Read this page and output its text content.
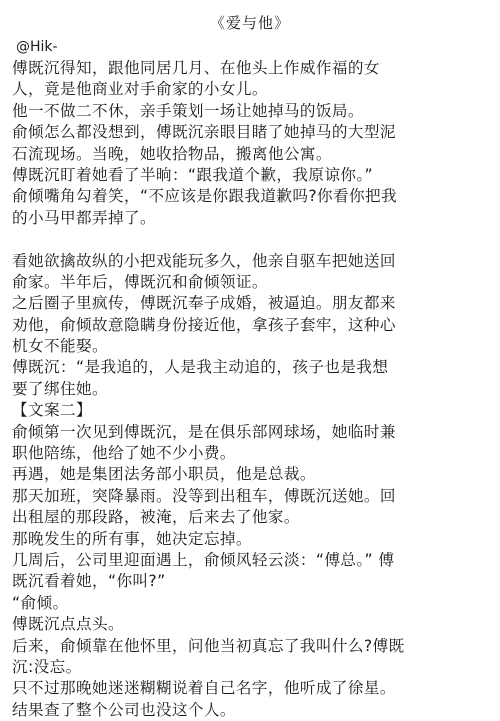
《爱与他》
@Hik-
傅既沉得知，跟他同居几月、在他头上作威作福的女
人，竟是他商业对手俞家的小女儿。
他一不做二不休，亲手策划一场让她掉马的饭局。
俞倾怎么都没想到，傅既沉亲眼目睹了她掉马的大型泥
石流现场。当晚，她收拾物品，搬离他公寓。
傅既沉盯着她看了半晌：“跟我道个歉，我原谅你。”
俞倾嘴角勾着笑，“不应该是你跟我道歉吗?你看你把我
的小马甲都弄掉了。
看她欲擒故纵的小把戏能玩多久，他亲自驱车把她送回
俞家。半年后，傅既沉和俞倾领证。
之后圈子里疯传，傅既沉奉子成婚，被逼迫。朋友都来
劝他，俞倾故意隐瞒身份接近他，拿孩子套牢，这种心
机女不能娶。
傅既沉：“是我追的，人是我主动追的，孩子也是我想
要了绑住她。
【文案二】
俞倾第一次见到傅既沉，是在俱乐部网球场，她临时兼
职他陪练，他给了她不少小费。
再遇，她是集团法务部小职员，他是总裁。
那天加班，突降暴雨。没等到出租车，傅既沉送她。回
出租屋的那段路，被淹，后来去了他家。
那晚发生的所有事，她决定忘掉。
几周后，公司里迎面遇上，俞倾风轻云淡：“傅总。” 傅
既沉看着她，“你叫?”
“俞倾。
傅既沉点点头。
后来，俞倾靠在他怀里，问他当初真忘了我叫什么?傅既
沉:没忘。
只不过那晚她迷迷糊糊说着自己名字，他听成了徐星。
结果查了整个公司也没这个人。
